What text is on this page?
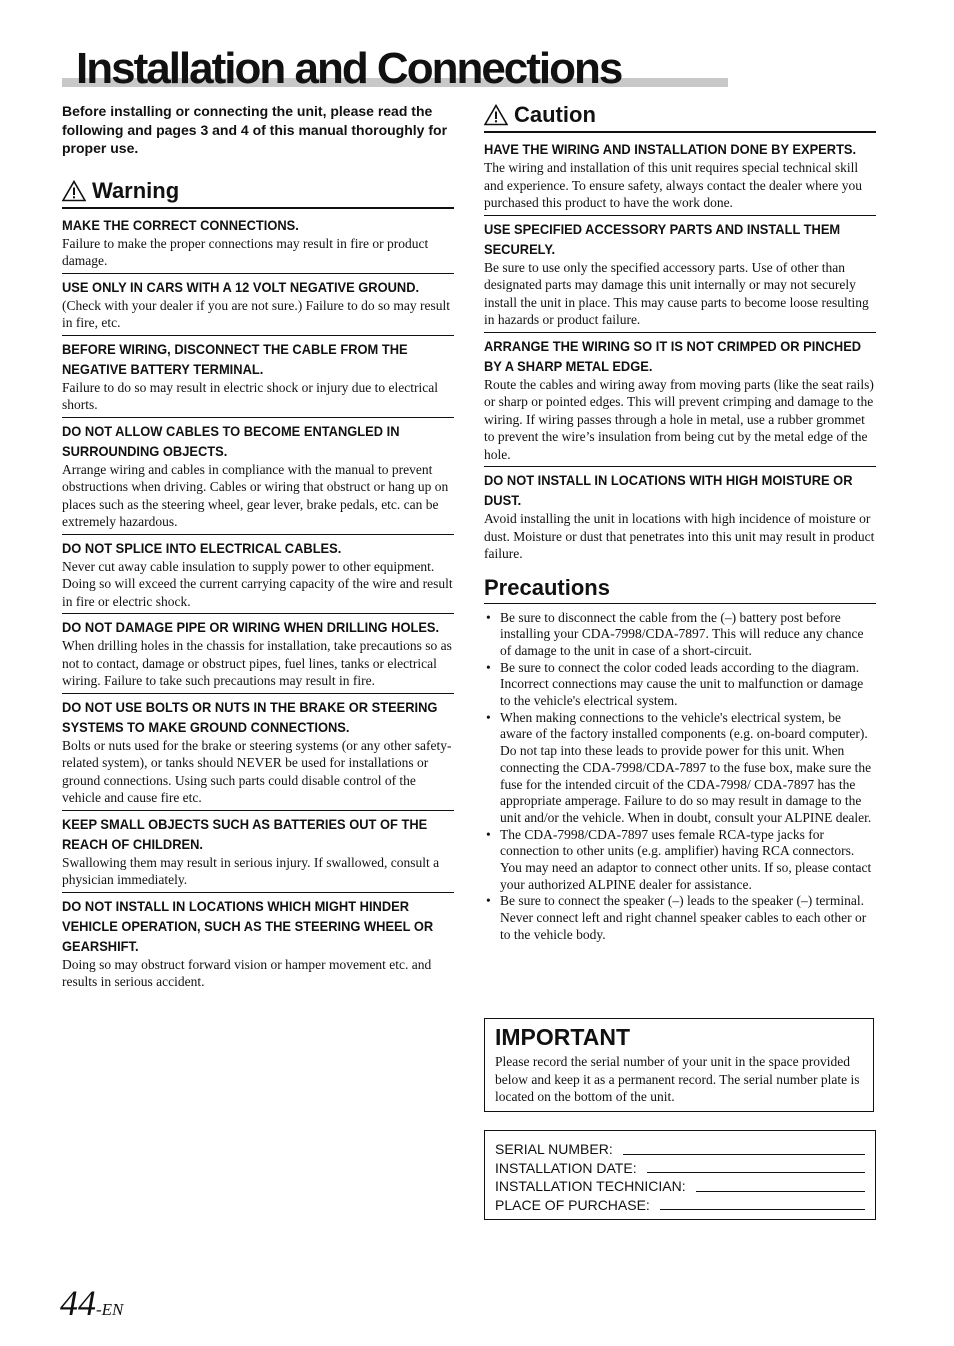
Installation and Connections

Before installing or connecting the unit, please read the following and pages 3 and 4 of this manual thoroughly for proper use.

Warning
MAKE THE CORRECT CONNECTIONS.

Failure to make the proper connections may result in fire or product damage.

USE ONLY IN CARS WITH A 12 VOLT NEGATIVE GROUND.

(Check with your dealer if you are not sure.) Failure to do so may result in fire, etc.

BEFORE WIRING, DISCONNECT THE CABLE FROM THE NEGATIVE BATTERY TERMINAL.

Failure to do so may result in electric shock or injury due to electrical shorts.

DO NOT ALLOW CABLES TO BECOME ENTANGLED IN SURROUNDING OBJECTS.

Arrange wiring and cables in compliance with the manual to prevent obstructions when driving. Cables or wiring that obstruct or hang up on places such as the steering wheel, gear lever, brake pedals, etc. can be extremely hazardous.

DO NOT SPLICE INTO ELECTRICAL CABLES.

Never cut away cable insulation to supply power to other equipment. Doing so will exceed the current carrying capacity of the wire and result in fire or electric shock.

DO NOT DAMAGE PIPE OR WIRING WHEN DRILLING HOLES.

When drilling holes in the chassis for installation, take precautions so as not to contact, damage or obstruct pipes, fuel lines, tanks or electrical wiring. Failure to take such precautions may result in fire.

DO NOT USE BOLTS OR NUTS IN THE BRAKE OR STEERING SYSTEMS TO MAKE GROUND CONNECTIONS.

Bolts or nuts used for the brake or steering systems (or any other safety-related system), or tanks should NEVER be used for installations or ground connections. Using such parts could disable control of the vehicle and cause fire etc.

KEEP SMALL OBJECTS SUCH AS BATTERIES OUT OF THE REACH OF CHILDREN.

Swallowing them may result in serious injury. If swallowed, consult a physician immediately.

DO NOT INSTALL IN LOCATIONS WHICH MIGHT HINDER VEHICLE OPERATION, SUCH AS THE STEERING WHEEL OR GEARSHIFT.

Doing so may obstruct forward vision or hamper movement etc. and results in serious accident.

Caution
HAVE THE WIRING AND INSTALLATION DONE BY EXPERTS.

The wiring and installation of this unit requires special technical skill and experience. To ensure safety, always contact the dealer where you purchased this product to have the work done.

USE SPECIFIED ACCESSORY PARTS AND INSTALL THEM SECURELY.

Be sure to use only the specified accessory parts. Use of other than designated parts may damage this unit internally or may not securely install the unit in place. This may cause parts to become loose resulting in hazards or product failure.

ARRANGE THE WIRING SO IT IS NOT CRIMPED OR PINCHED BY A SHARP METAL EDGE.

Route the cables and wiring away from moving parts (like the seat rails) or sharp or pointed edges. This will prevent crimping and damage to the wiring. If wiring passes through a hole in metal, use a rubber grommet to prevent the wire’s insulation from being cut by the metal edge of the hole.

DO NOT INSTALL IN LOCATIONS WITH HIGH MOISTURE OR DUST.

Avoid installing the unit in locations with high incidence of moisture or dust. Moisture or dust that penetrates into this unit may result in product failure.

Precautions
• Be sure to disconnect the cable from the (–) battery post before installing your CDA-7998/CDA-7897. This will reduce any chance of damage to the unit in case of a short-circuit.
• Be sure to connect the color coded leads according to the diagram. Incorrect connections may cause the unit to malfunction or damage to the vehicle's electrical system.
• When making connections to the vehicle's electrical system, be aware of the factory installed components (e.g. on-board computer). Do not tap into these leads to provide power for this unit. When connecting the CDA-7998/CDA-7897 to the fuse box, make sure the fuse for the intended circuit of the CDA-7998/ CDA-7897 has the appropriate amperage. Failure to do so may result in damage to the unit and/or the vehicle. When in doubt, consult your ALPINE dealer.
• The CDA-7998/CDA-7897 uses female RCA-type jacks for connection to other units (e.g. amplifier) having RCA connectors. You may need an adaptor to connect other units. If so, please contact your authorized ALPINE dealer for assistance.
• Be sure to connect the speaker (–) leads to the speaker (–) terminal. Never connect left and right channel speaker cables to each other or to the vehicle body.
IMPORTANT

Please record the serial number of your unit in the space provided below and keep it as a permanent record. The serial number plate is located on the bottom of the unit.

SERIAL NUMBER:
INSTALLATION DATE:
INSTALLATION TECHNICIAN:
PLACE OF PURCHASE:
44-EN
